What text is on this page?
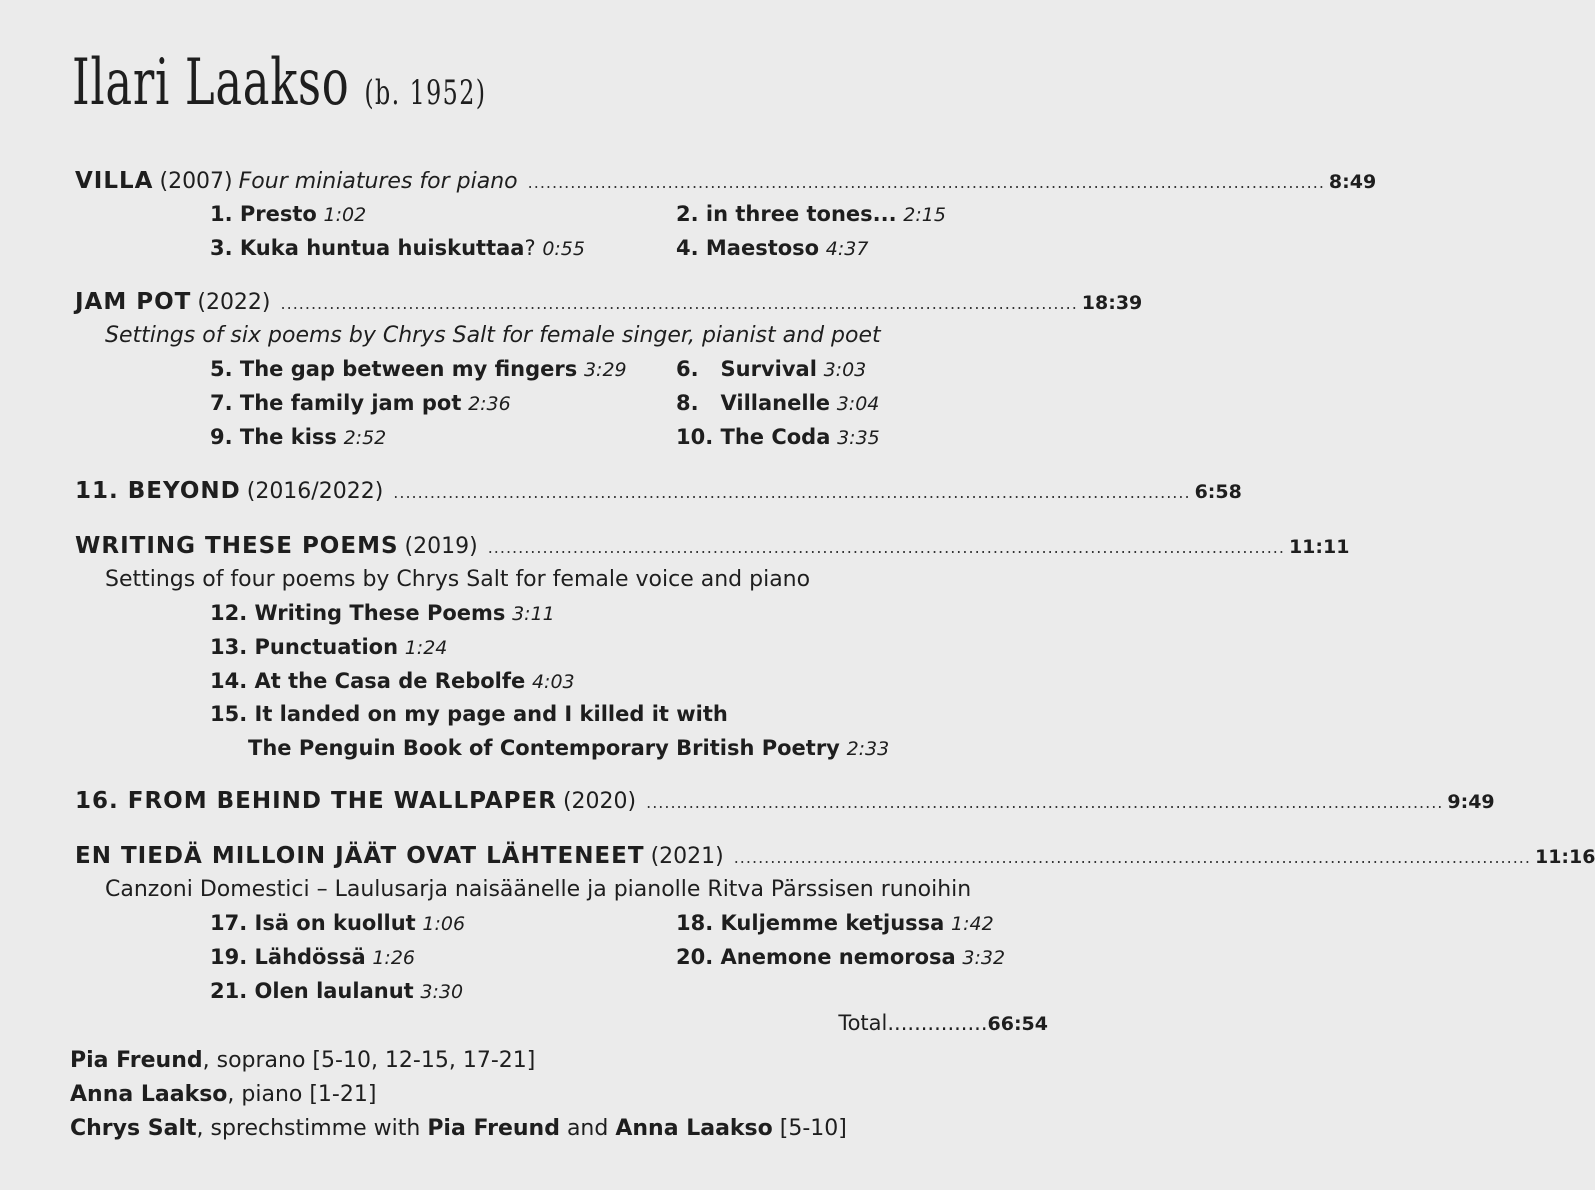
Ilari Laakso (b. 1952)
VILLA (2007) Four miniatures for piano ................................................................................................................................... 8:49
1. Presto 1:02	2. in three tones... 2:15
3. Kuka huntua huiskuttaa? 0:55	4. Maestoso 4:37
JAM POT (2022) ................................................................................................................................... 18:39
Settings of six poems by Chrys Salt for female singer, pianist and poet
5. The gap between my fingers 3:29 6.   Survival 3:03
7. The family jam pot 2:36	8.   Villanelle 3:04
9. The kiss 2:52	10. The Coda 3:35
11. BEYOND (2016/2022) ................................................................................................................................... 6:58
WRITING THESE POEMS (2019) ................................................................................................................................... 11:11
Settings of four poems by Chrys Salt for female voice and piano
12. Writing These Poems 3:11
13. Punctuation 1:24
14. At the Casa de Rebolfe 4:03
15. It landed on my page and I killed it with
The Penguin Book of Contemporary British Poetry 2:33
16. FROM BEHIND THE WALLPAPER (2020) ................................................................................................................................... 9:49
EN TIEDÄ MILLOIN JÄÄT OVAT LÄHTENEET (2021) ................................................................................................................................... 11:16
Canzoni Domestici – Laulusarja naisäänelle ja pianolle Ritva Pärssisen runoihin
17. Isä on kuollut 1:06	18. Kuljemme ketjussa 1:42
19. Lähdössä 1:26	20. Anemone nemorosa 3:32
21. Olen laulanut 3:30
Total...............66:54
Pia Freund, soprano [5-10, 12-15, 17-21]
Anna Laakso, piano [1-21]
Chrys Salt, sprechstimme with Pia Freund and Anna Laakso [5-10]
